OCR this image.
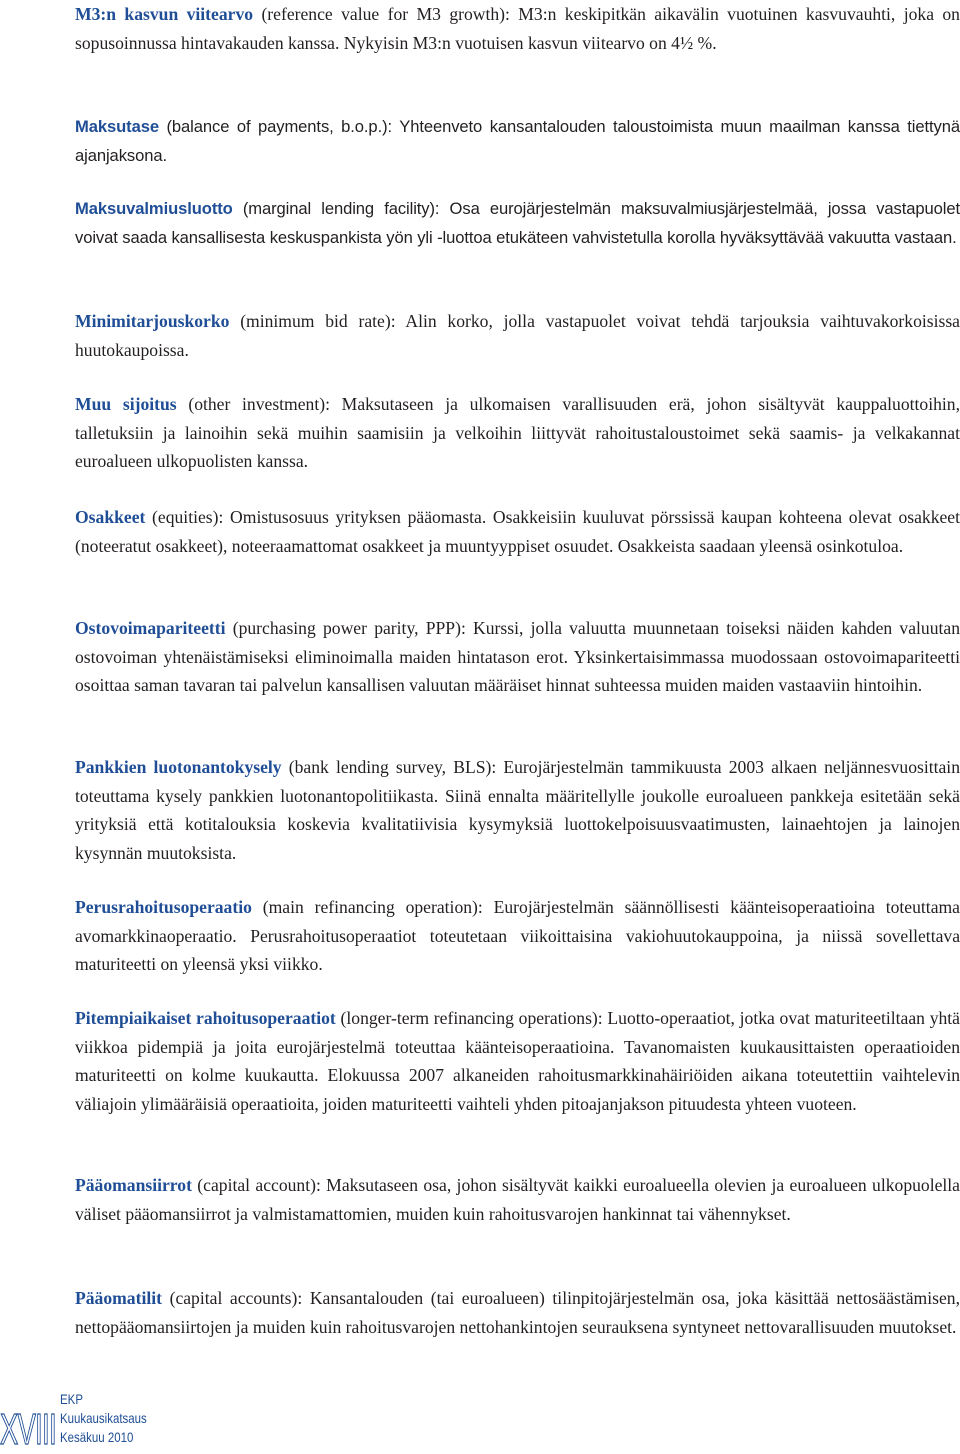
M3:n kasvun viitearvo (reference value for M3 growth): M3:n keskipitkän aikavälin vuotuinen kasvuvauhti, joka on sopusoinnussa hintavakauden kanssa. Nykyisin M3:n vuotuisen kasvun viitearvo on 4½ %.

Maksutase (balance of payments, b.o.p.): Yhteenveto kansantalouden taloustoimista muun maailman kanssa tiettynä ajanjaksona.

Maksuvalmiusluotto (marginal lending facility): Osa eurojärjestelmän maksuvalmiusjärjestelmää, jossa vastapuolet voivat saada kansallisesta keskuspankista yön yli -luottoa etukäteen vahvistetulla korolla hyväksyttävää vakuutta vastaan.

Minimitarjouskorko (minimum bid rate): Alin korko, jolla vastapuolet voivat tehdä tarjouksia vaihtuvakorkoisissa huutokaupoissa.

Muu sijoitus (other investment): Maksutaseen ja ulkomaisen varallisuuden erä, johon sisältyvät kauppaluottoihin, talletuksiin ja lainoihin sekä muihin saamisiin ja velkoihin liittyvät rahoitustaloustoimet sekä saamis- ja velkakannat euroalueen ulkopuolisten kanssa.

Osakkeet (equities): Omistusosuus yrityksen pääomasta. Osakkeisiin kuuluvat pörssissä kaupan kohteena olevat osakkeet (noteeratut osakkeet), noteeraamattomat osakkeet ja muuntyyppiset osuudet. Osakkeista saadaan yleensä osinkotuloa.

Ostovoimapariteetti (purchasing power parity, PPP): Kurssi, jolla valuutta muunnetaan toiseksi näiden kahden valuutan ostovoiman yhtenäistämiseksi eliminoimalla maiden hintatason erot. Yksinkertaisimmassa muodossaan ostovoimapariteetti osoittaa saman tavaran tai palvelun kansallisen valuutan määräiset hinnat suhteessa muiden maiden vastaaviin hintoihin.

Pankkien luotonantokysely (bank lending survey, BLS): Eurojärjestelmän tammikuusta 2003 alkaen neljännesvuosittain toteuttama kysely pankkien luotonantopolitiikasta. Siinä ennalta määritellylle joukolle euroalueen pankkeja esitetään sekä yrityksiä että kotitalouksia koskevia kvalitatiivisia kysymyksiä luottokelpoisuusvaatimusten, lainaehtojen ja lainojen kysynnän muutoksista.

Perusrahoitusoperaatio (main refinancing operation): Eurojärjestelmän säännöllisesti käänteisoperaatioina toteuttama avomarkkinaoperaatio. Perusrahoitusoperaatiot toteutetaan viikoittaisina vakiohuutokauppoina, ja niissä sovellettava maturiteetti on yleensä yksi viikko.

Pitempiaikaiset rahoitusoperaatiot (longer-term refinancing operations): Luotto-operaatiot, jotka ovat maturiteetiltaan yhtä viikkoa pidempiä ja joita eurojärjestelmä toteuttaa käänteisoperaatioina. Tavanomaisten kuukausittaisten operaatioiden maturiteetti on kolme kuukautta. Elokuussa 2007 alkaneiden rahoitusmarkkinahäiriöiden aikana toteutettiin vaihtelevin väliajoin ylimääräisiä operaatioita, joiden maturiteetti vaihteli yhden pitoajanjakson pituudesta yhteen vuoteen.

Pääomansiirrot (capital account): Maksutaseen osa, johon sisältyvät kaikki euroalueella olevien ja euroalueen ulkopuolella väliset pääomansiirrot ja valmistamattomien, muiden kuin rahoitusvarojen hankinnat tai vähennykset.

Pääomatilit (capital accounts): Kansantalouden (tai euroalueen) tilinpitojärjestelmän osa, joka käsittää nettosäästämisen, nettopääomansiirtojen ja muiden kuin rahoitusvarojen nettohankintojen seurauksena syntyneet nettovarallisuuden muutokset.

XVIII
EKP
Kuukausikatsaus
Kesäkuu 2010
